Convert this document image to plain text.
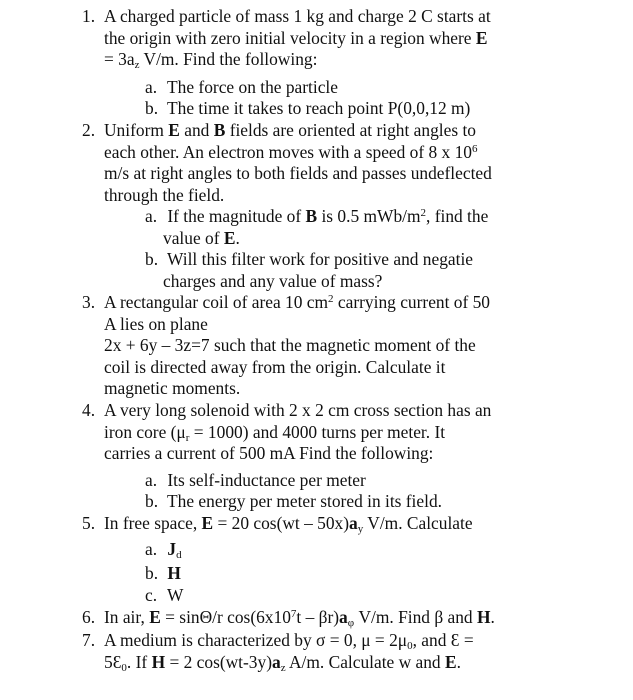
1. A charged particle of mass 1 kg and charge 2 C starts at
the origin with zero initial velocity in a region where E
= $3a_z$ V/m. Find the following:
a. The force on the particle
b. The time it takes to reach point P(0,0,12 m)
2. Uniform E and B fields are oriented at right angles to
each other. An electron moves with a speed of 8 x $10^6$
m/s at right angles to both fields and passes undeflected
through the field.
a. If the magnitude of B is 0.5 mWb/$m^2$, find the
value of E.
b. Will this filter work for positive and negatie
charges and any value of mass?
3. A rectangular coil of area 10 $cm^2$ carrying current of 50
A lies on plane
2x + 6y – 3z=7 such that the magnetic moment of the
coil is directed away from the origin. Calculate it
magnetic moments.
4. A very long solenoid with 2 x 2 cm cross section has an
iron core $(\mu_r = 1000)$ and 4000 turns per meter. It
carries a current of 500 mA Find the following:
a. Its self-inductance per meter
b. The energy per meter stored in its field.
5. In free space, E = 20 $\cos(wt - 50x)a_y$ V/m. Calculate
a. $J_d$
b. H
c. W
6. In air, E = sinΘ/r $\cos(6x10^7t - \beta r)a_\varphi$ V/m. Find β and H.
7. A medium is characterized by σ = 0, $\mu = 2\mu_0$, and Ɛ =
$5Ɛ_0$. If H = 2 $\cos(wt-3y)a_z$ A/m. Calculate w and E.
